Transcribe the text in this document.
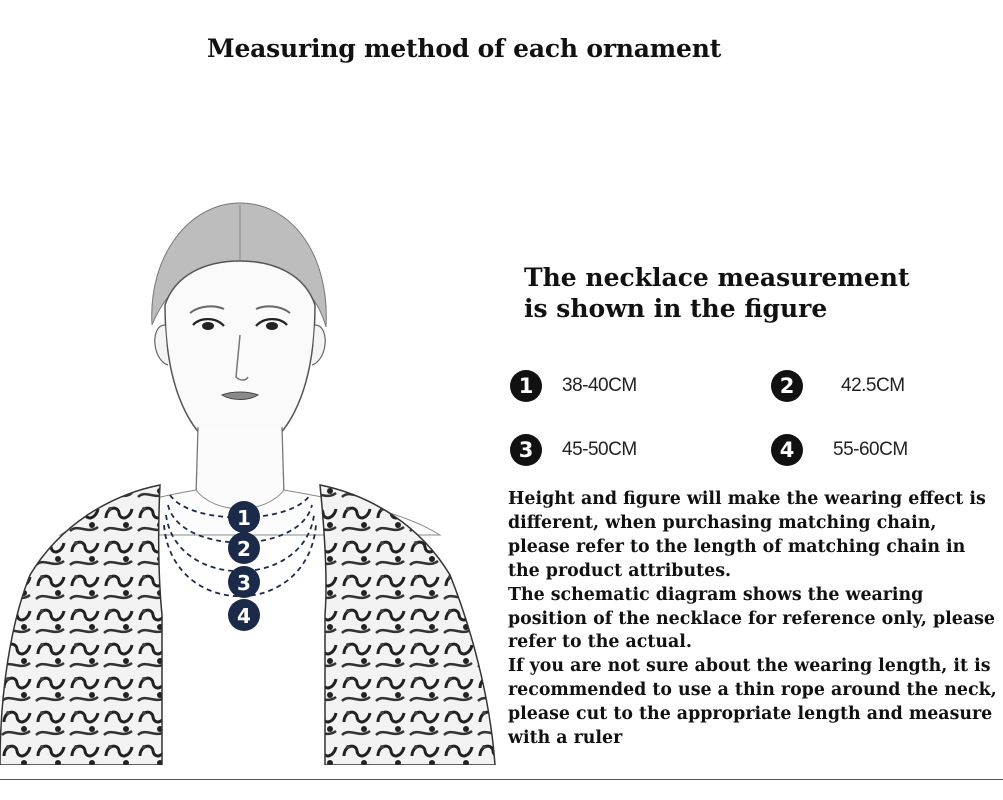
Measuring method of each ornament
1
2
3
4
The necklace measurement
is shown in the figure
1	38-40CM	2	42.5CM
3	45-50CM	4	55-60CM

Height and figure will make the wearing effect is different, when purchasing matching chain, please refer to the length of matching chain in the product attributes.

The schematic diagram shows the wearing position of the necklace for reference only, please refer to the actual.

If you are not sure about the wearing length, it is recommended to use a thin rope around the neck, please cut to the appropriate length and measure with a ruler
